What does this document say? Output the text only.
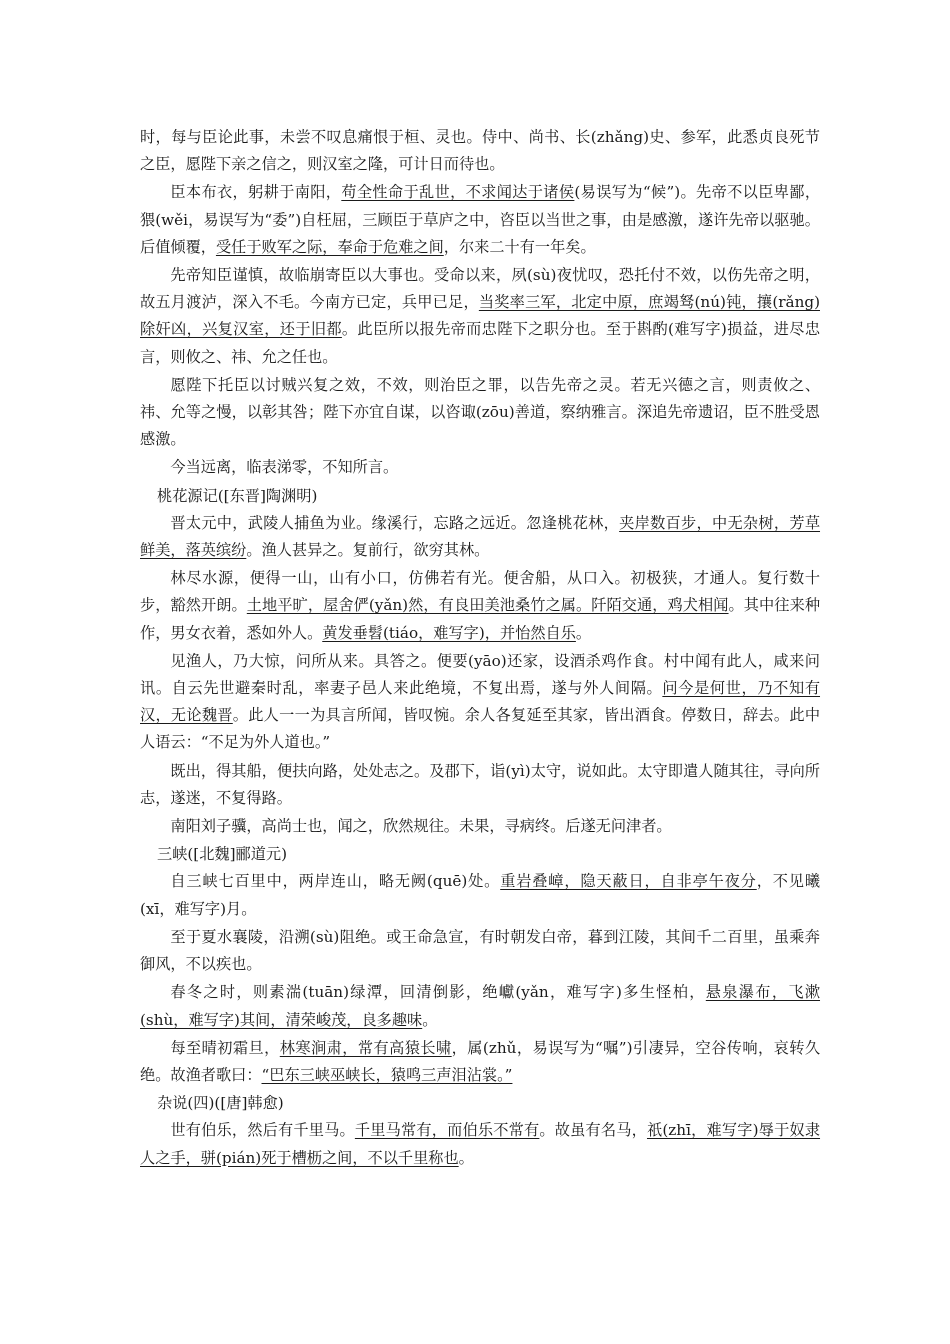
时，每与臣论此事，未尝不叹息痛恨于桓、灵也。侍中、尚书、长(zhǎng)史、参军，此悉贞良死节之臣，愿陛下亲之信之，则汉室之隆，可计日而待也。

臣本布衣，躬耕于南阳，苟全性命于乱世，不求闻达于诸侯(易误写为“候”)。先帝不以臣卑鄙，猥(wěi，易误写为“委”)自枉屈，三顾臣于草庐之中，咨臣以当世之事，由是感激，遂许先帝以驱驰。后值倾覆，受任于败军之际，奉命于危难之间，尔来二十有一年矣。

先帝知臣谨慎，故临崩寄臣以大事也。受命以来，夙(sù)夜忧叹，恐托付不效，以伤先帝之明，故五月渡泸，深入不毛。今南方已定，兵甲已足，当奖率三军，北定中原，庶竭驽(nú)钝，攘(rǎng)除奸凶，兴复汉室，还于旧都。此臣所以报先帝而忠陛下之职分也。至于斟酌(难写字)损益，进尽忠言，则攸之、祎、允之任也。

愿陛下托臣以讨贼兴复之效，不效，则治臣之罪，以告先帝之灵。若无兴德之言，则责攸之、祎、允等之慢，以彰其咎；陛下亦宜自谋，以咨诹(zōu)善道，察纳雅言。深追先帝遗诏，臣不胜受恩感激。

今当远离，临表涕零，不知所言。

桃花源记([东晋]陶渊明)

晋太元中，武陵人捕鱼为业。缘溪行，忘路之远近。忽逢桃花林，夹岸数百步，中无杂树，芳草鲜美，落英缤纷。渔人甚异之。复前行，欲穷其林。

林尽水源，便得一山，山有小口，仿佛若有光。便舍船，从口入。初极狭，才通人。复行数十步，豁然开朗。土地平旷，屋舍俨(yǎn)然，有良田美池桑竹之属。阡陌交通，鸡犬相闻。其中往来种作，男女衣着，悉如外人。黄发垂髫(tiáo，难写字)，并怡然自乐。

见渔人，乃大惊，问所从来。具答之。便要(yāo)还家，设酒杀鸡作食。村中闻有此人，咸来问讯。自云先世避秦时乱，率妻子邑人来此绝境，不复出焉，遂与外人间隔。问今是何世，乃不知有汉，无论魏晋。此人一一为具言所闻，皆叹惋。余人各复延至其家，皆出酒食。停数日，辞去。此中人语云：“不足为外人道也。”

既出，得其船，便扶向路，处处志之。及郡下，诣(yì)太守，说如此。太守即遣人随其往，寻向所志，遂迷，不复得路。

南阳刘子骥，高尚士也，闻之，欣然规往。未果，寻病终。后遂无问津者。

三峡([北魏]郦道元)

自三峡七百里中，两岸连山，略无阙(quē)处。重岩叠嶂，隐天蔽日，自非亭午夜分，不见曦(xī，难写字)月。

至于夏水襄陵，沿溯(sù)阻绝。或王命急宣，有时朝发白帝，暮到江陵，其间千二百里，虽乘奔御风，不以疾也。

春冬之时，则素湍(tuān)绿潭，回清倒影，绝巘(yǎn，难写字)多生怪柏，悬泉瀑布，飞漱(shù，难写字)其间，清荣峻茂，良多趣味。

每至晴初霜旦，林寒涧肃，常有高猿长啸，属(zhǔ，易误写为“嘱”)引凄异，空谷传响，哀转久绝。故渔者歌曰：“巴东三峡巫峡长，猿鸣三声泪沾裳。”

杂说(四)([唐]韩愈)

世有伯乐，然后有千里马。千里马常有，而伯乐不常有。故虽有名马，祇(zhī，难写字)辱于奴隶人之手，骈(pián)死于槽枥之间，不以千里称也。
